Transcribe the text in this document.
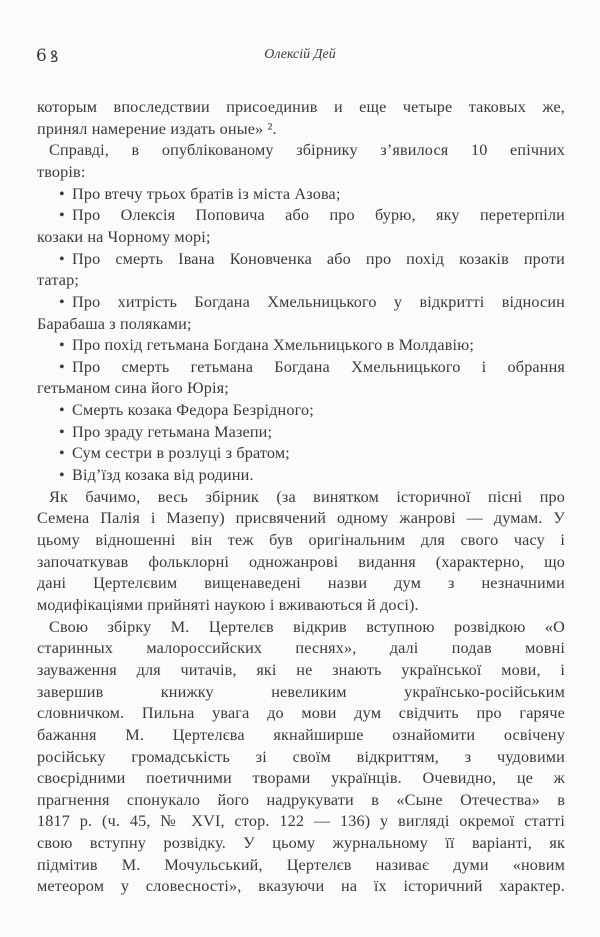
6 ꝸ	Олексій Дей
которым впоследствии присоединив и еще четыре таковых же,
принял намерение издать оные» ².
Справді, в опублікованому збірнику з’явилося 10 епічних
творів:
• Про втечу трьох братів із міста Азова;
• Про Олексія Поповича або про бурю, яку перетерпіли
козаки на Чорному морі;
• Про смерть Івана Коновченка або про похід козаків проти
татар;
• Про хитрість Богдана Хмельницького у відкритті відносин
Барабаша з поляками;
• Про похід гетьмана Богдана Хмельницького в Молдавію;
• Про смерть гетьмана Богдана Хмельницького і обрання
гетьманом сина його Юрія;
• Смерть козака Федора Безрідного;
• Про зраду гетьмана Мазепи;
• Сум сестри в розлуці з братом;
• Від’їзд козака від родини.
Як бачимо, весь збірник (за винятком історичної пісні про
Семена Палія і Мазепу) присвячений одному жанрові — думам. У
цьому відношенні він теж був оригінальним для свого часу і
започаткував фольклорні одножанрові видання (характерно, що
дані Цертелєвим вищенаведені назви дум з незначними
модифікаціями прийняті наукою і вживаються й досі).
Свою збірку М. Цертелєв відкрив вступною розвідкою «О
старинных малороссийских песнях», далі подав мовні
зауваження для читачів, які не знають української мови, і
завершив книжку невеликим українсько-російським
словничком. Пильна увага до мови дум свідчить про гаряче
бажання М. Цертелєва якнайширше ознайомити освічену
російську громадськість зі своїм відкриттям, з чудовими
своєрідними поетичними творами українців. Очевидно, це ж
прагнення спонукало його надрукувати в «Сыне Отечества» в
1817 р. (ч. 45, № XVI, стор. 122 — 136) у вигляді окремої статті
свою вступну розвідку. У цьому журнальному її варіанті, як
підмітив М. Мочульський, Цертелєв називає думи «новим
метеором у словесності», вказуючи на їх історичний характер.
